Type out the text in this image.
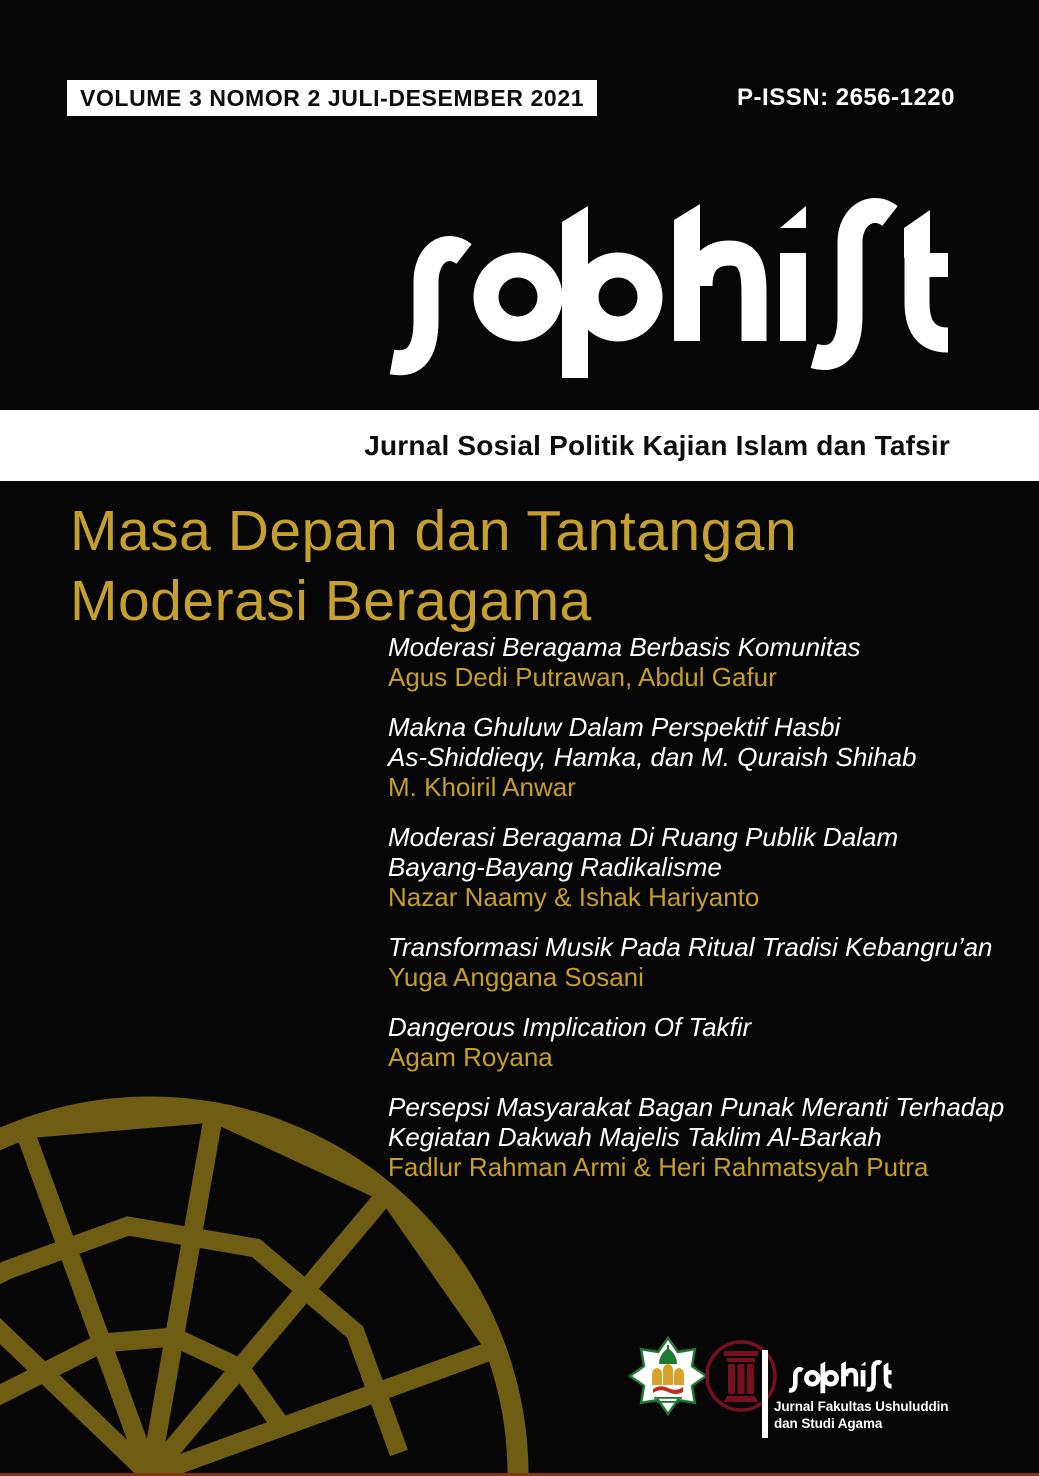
VOLUME 3 NOMOR 2 JULI-DESEMBER 2021	P-ISSN: 2656-1220
Jurnal Sosial Politik Kajian Islam dan Tafsir
Masa Depan dan Tantangan
Moderasi Beragama
Moderasi Beragama Berbasis Komunitas
Agus Dedi Putrawan, Abdul Gafur
Makna Ghuluw Dalam Perspektif Hasbi
As-Shiddieqy, Hamka, dan M. Quraish Shihab
M. Khoiril Anwar
Moderasi Beragama Di Ruang Publik Dalam
Bayang-Bayang Radikalisme
Nazar Naamy & Ishak Hariyanto
Transformasi Musik Pada Ritual Tradisi Kebangru’an
Yuga Anggana Sosani
Dangerous Implication Of Takfir
Agam Royana
Persepsi Masyarakat Bagan Punak Meranti Terhadap
Kegiatan Dakwah Majelis Taklim Al-Barkah
Fadlur Rahman Armi & Heri Rahmatsyah Putra
Jurnal Fakultas Ushuluddin
dan Studi Agama
